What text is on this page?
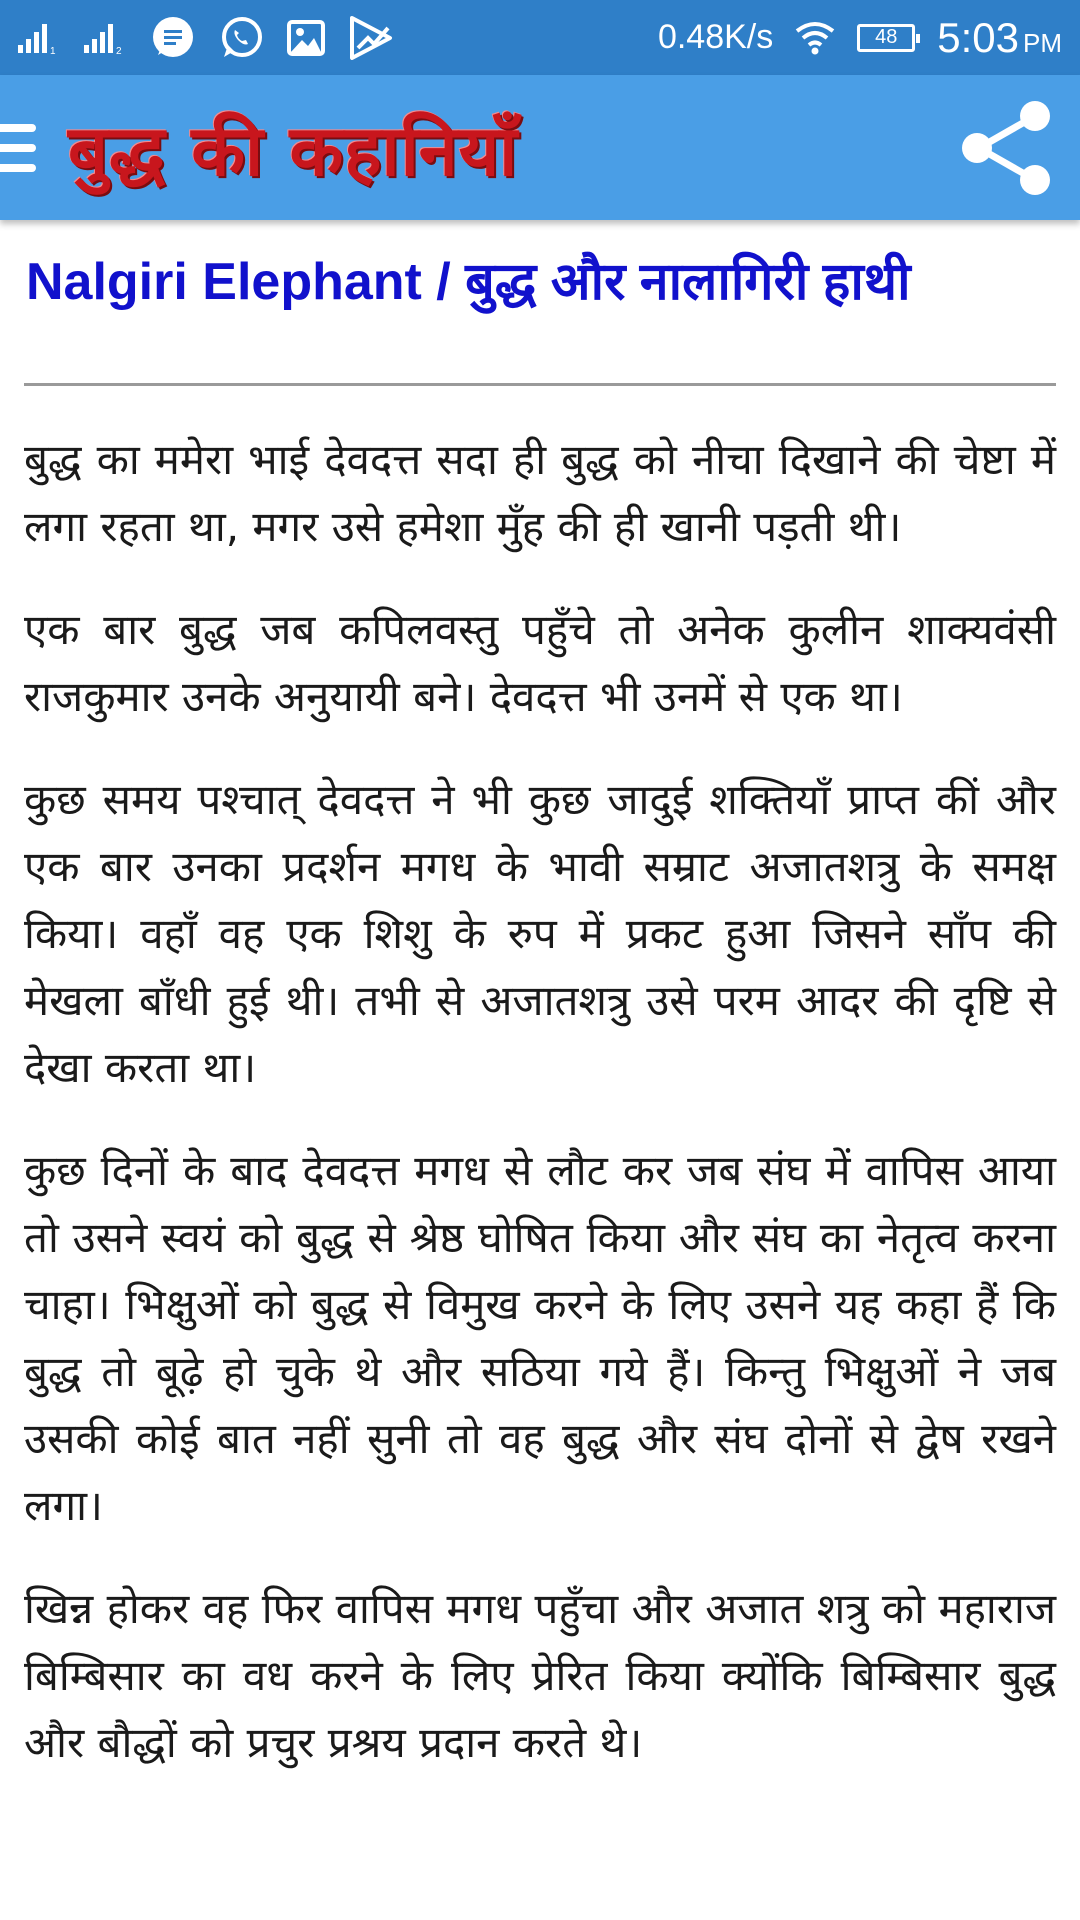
1	2	0.48K/s	48 5:03 PM
बुद्ध की कहानियाँ
Nalgiri Elephant / बुद्ध और नालागिरी हाथी

बुद्ध का ममेरा भाई देवदत्त सदा ही बुद्ध को नीचा दिखाने की चेष्टा में लगा रहता था, मगर उसे हमेशा मुँह की ही खानी पड़ती थी।

एक बार बुद्ध जब कपिलवस्तु पहुँचे तो अनेक कुलीन शाक्यवंसी राजकुमार उनके अनुयायी बने। देवदत्त भी उनमें से एक था।

कुछ समय पश्चात् देवदत्त ने भी कुछ जादुई शक्तियाँ प्राप्त कीं और एक बार उनका प्रदर्शन मगध के भावी सम्राट अजातशत्रु के समक्ष किया। वहाँ वह एक शिशु के रुप में प्रकट हुआ जिसने साँप की मेखला बाँधी हुई थी। तभी से अजातशत्रु उसे परम आदर की दृष्टि से देखा करता था।

कुछ दिनों के बाद देवदत्त मगध से लौट कर जब संघ में वापिस आया तो उसने स्वयं को बुद्ध से श्रेष्ठ घोषित किया और संघ का नेतृत्व करना चाहा। भिक्षुओं को बुद्ध से विमुख करने के लिए उसने यह कहा हैं कि बुद्ध तो बूढ़े हो चुके थे और सठिया गये हैं। किन्तु भिक्षुओं ने जब उसकी कोई बात नहीं सुनी तो वह बुद्ध और संघ दोनों से द्वेष रखने लगा।

खिन्न होकर वह फिर वापिस मगध पहुँचा और अजात शत्रु को महाराज बिम्बिसार का वध करने के लिए प्रेरित किया क्योंकि बिम्बिसार बुद्ध और बौद्धों को प्रचुर प्रश्रय प्रदान करते थे।
